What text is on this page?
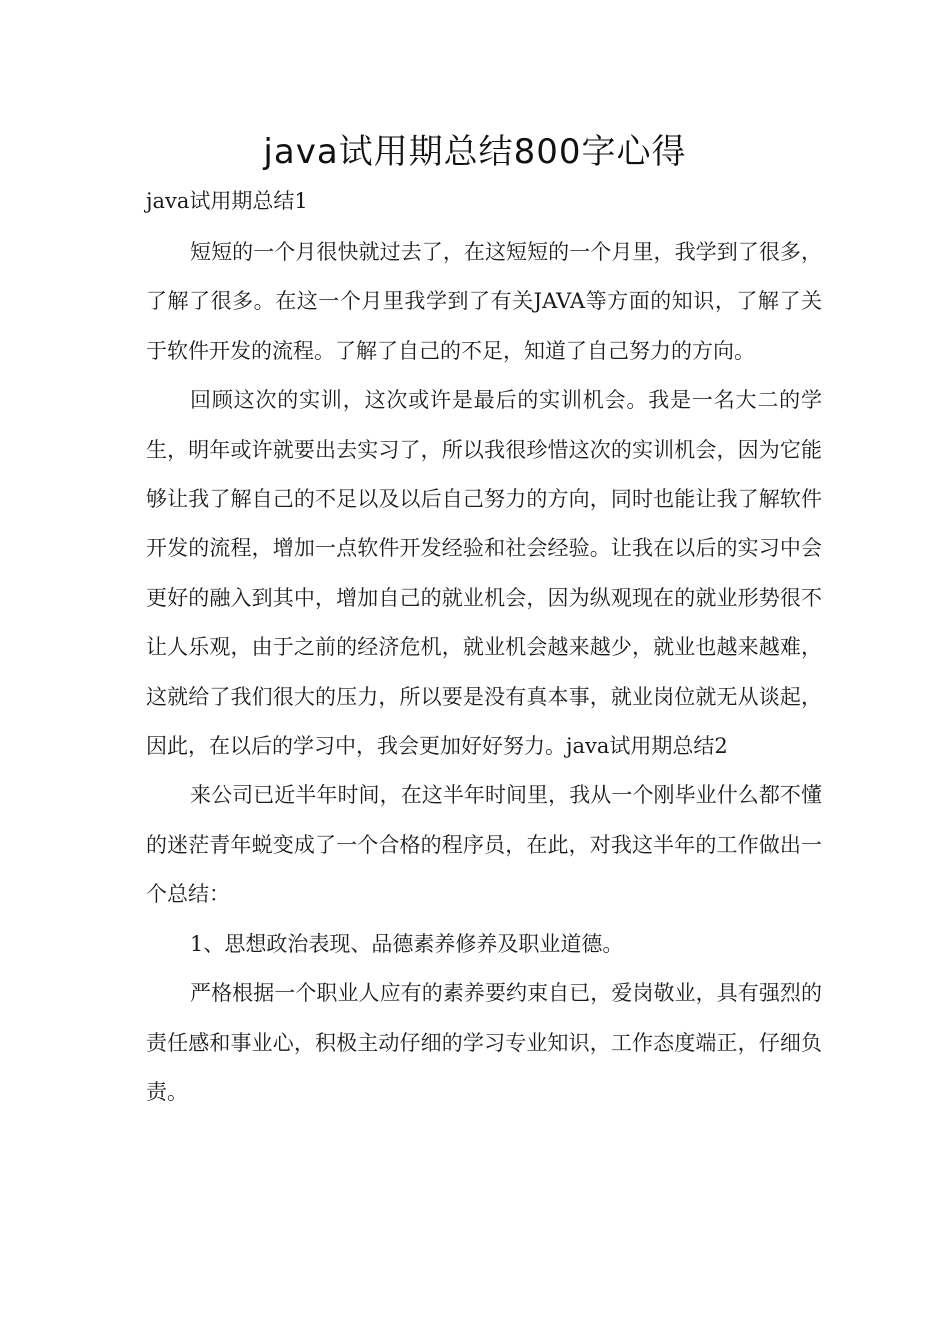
java试用期总结800字心得

java试用期总结1

短短的一个月很快就过去了，在这短短的一个月里，我学到了很多，了解了很多。在这一个月里我学到了有关JAVA等方面的知识，了解了关于软件开发的流程。了解了自己的不足，知道了自己努力的方向。

回顾这次的实训，这次或许是最后的实训机会。我是一名大二的学生，明年或许就要出去实习了，所以我很珍惜这次的实训机会，因为它能够让我了解自己的不足以及以后自己努力的方向，同时也能让我了解软件开发的流程，增加一点软件开发经验和社会经验。让我在以后的实习中会更好的融入到其中，增加自己的就业机会，因为纵观现在的就业形势很不让人乐观，由于之前的经济危机，就业机会越来越少，就业也越来越难，这就给了我们很大的压力，所以要是没有真本事，就业岗位就无从谈起，因此，在以后的学习中，我会更加好好努力。java试用期总结2

来公司已近半年时间，在这半年时间里，我从一个刚毕业什么都不懂的迷茫青年蜕变成了一个合格的程序员，在此，对我这半年的工作做出一个总结：

1、思想政治表现、品德素养修养及职业道德。

严格根据一个职业人应有的素养要约束自已，爱岗敬业，具有强烈的责任感和事业心，积极主动仔细的学习专业知识，工作态度端正，仔细负责。
